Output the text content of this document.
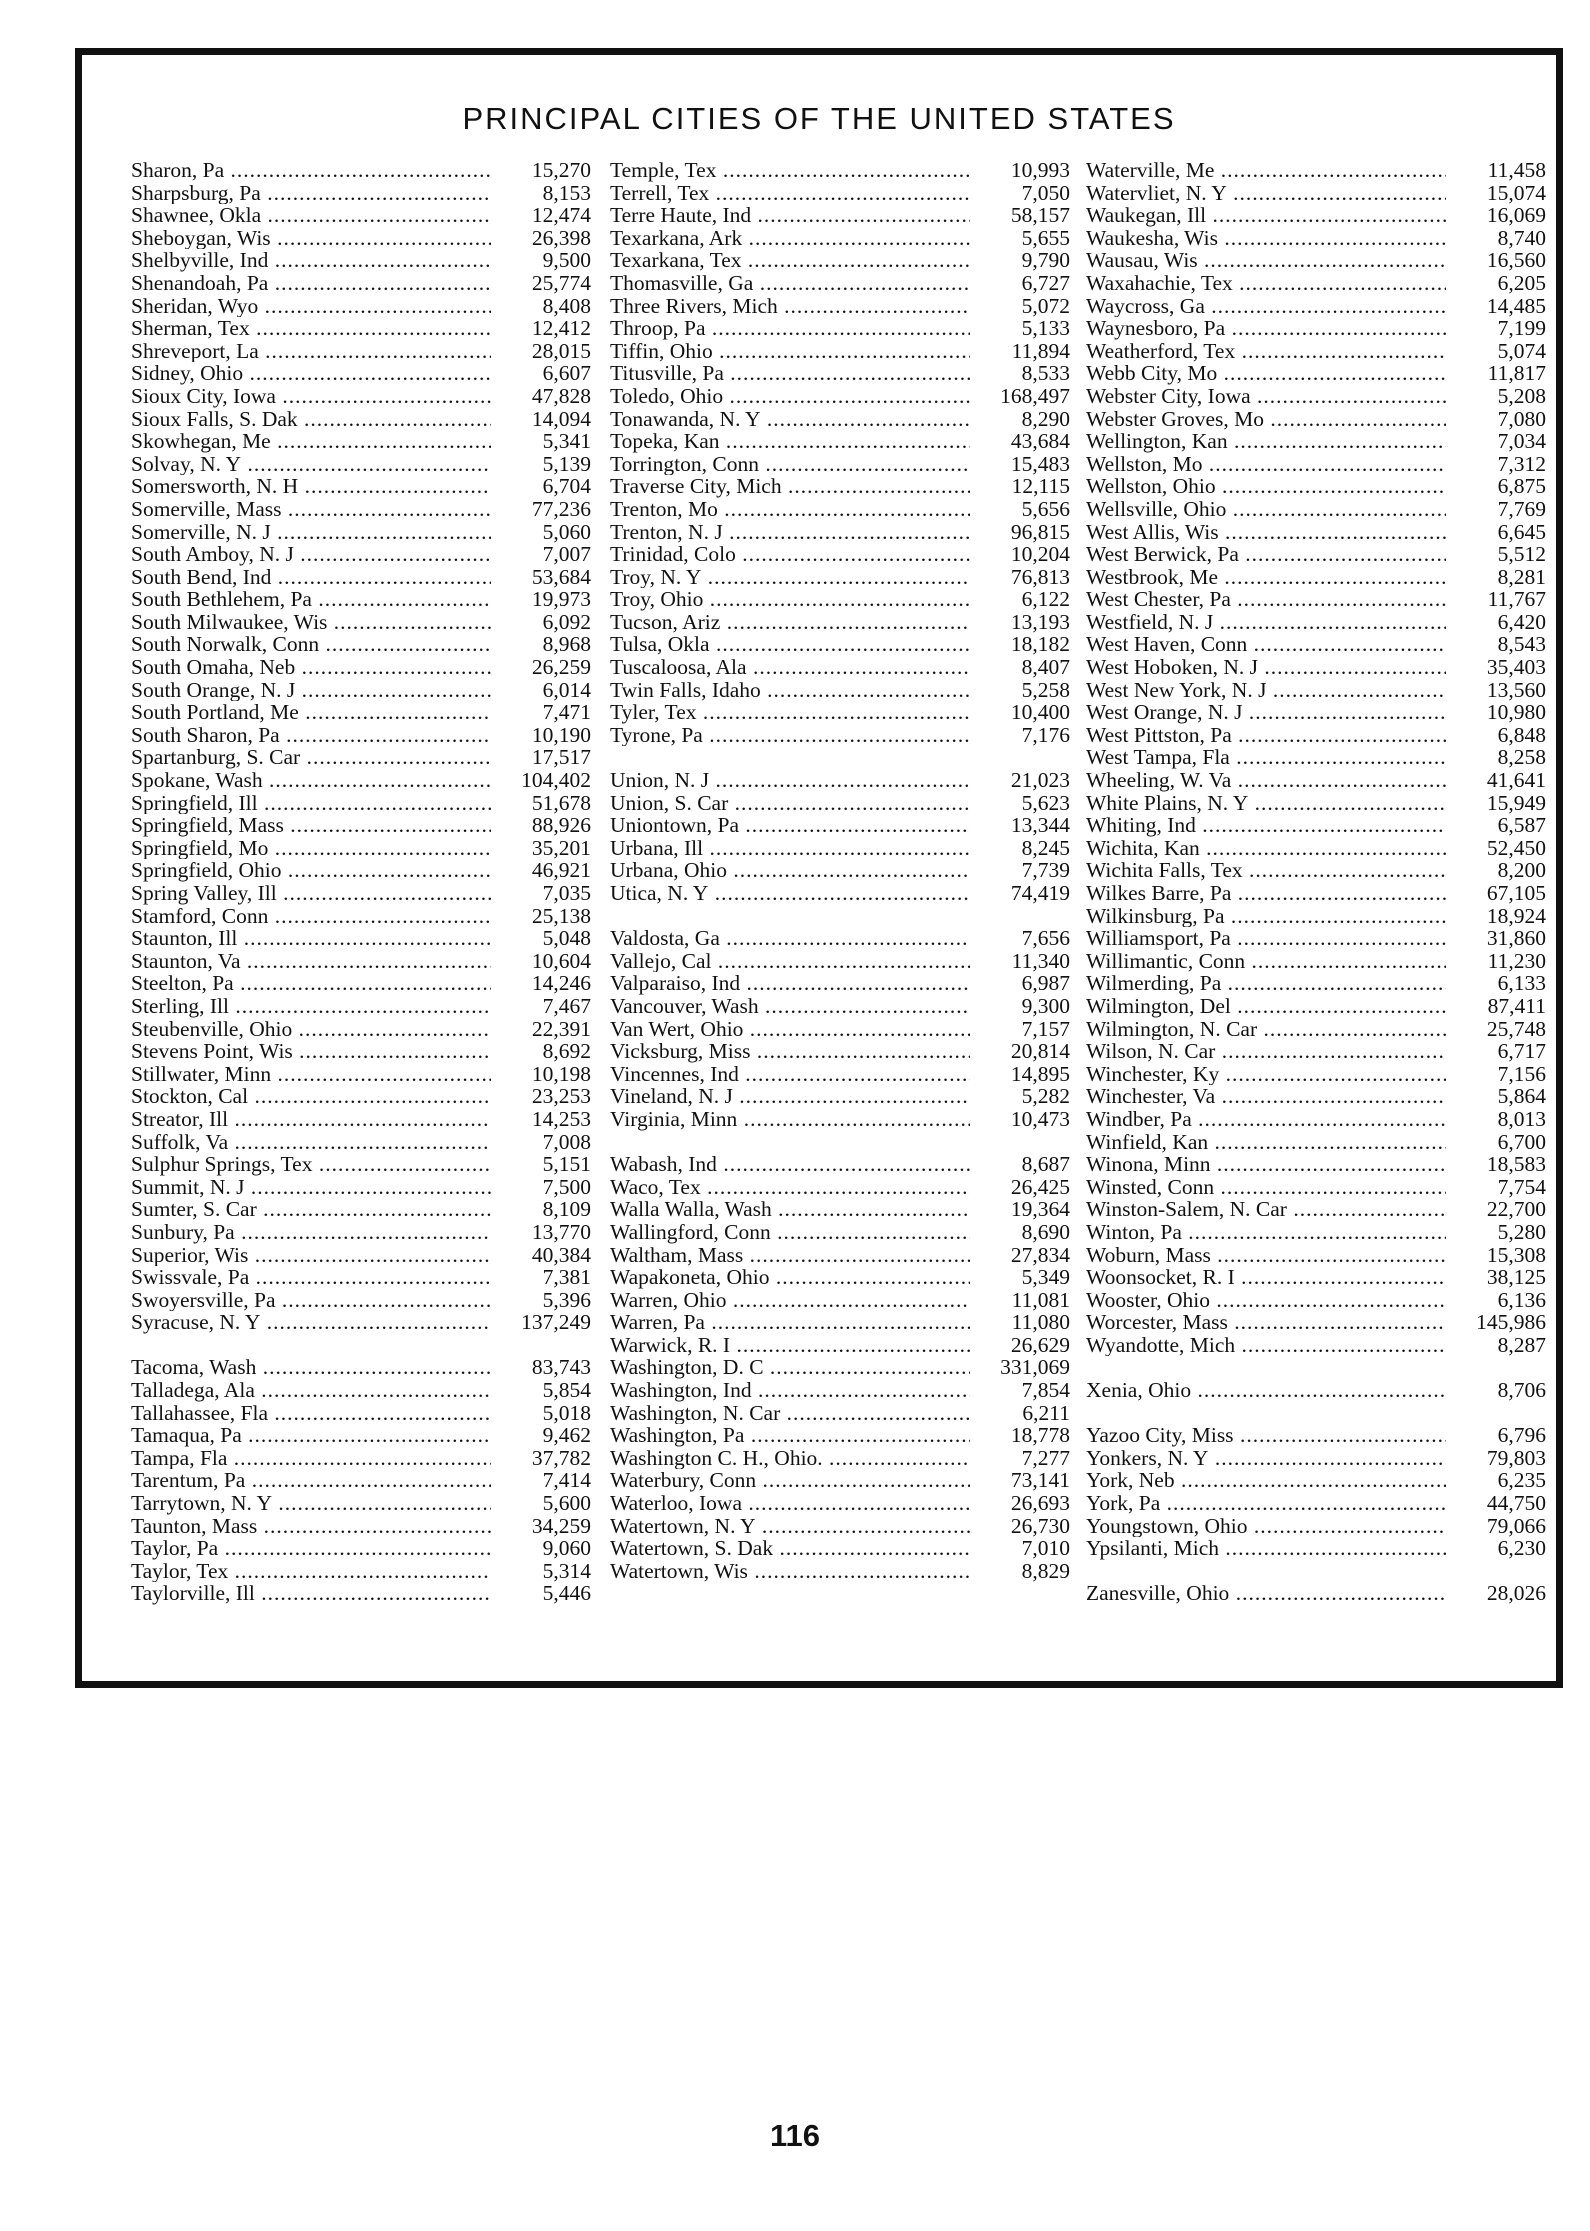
PRINCIPAL CITIES OF THE UNITED STATES
Sharon, Pa .....	15,270
Sharpsburg, Pa .....	8,153
Shawnee, Okla .....	12,474
Sheboygan, Wis .....	26,398
Shelbyville, Ind .....	9,500
Shenandoah, Pa .....	25,774
Sheridan, Wyo .....	8,408
Sherman, Tex .....	12,412
Shreveport, La .....	28,015
Sidney, Ohio .....	6,607
Sioux City, Iowa .....	47,828
Sioux Falls, S. Dak .....	14,094
Skowhegan, Me .....	5,341
Solvay, N. Y .....	5,139
Somersworth, N. H .....	6,704
Somerville, Mass .....	77,236
Somerville, N. J .....	5,060
South Amboy, N. J .....	7,007
South Bend, Ind .....	53,684
South Bethlehem, Pa .....	19,973
South Milwaukee, Wis .....	6,092
South Norwalk, Conn .....	8,968
South Omaha, Neb .....	26,259
South Orange, N. J .....	6,014
South Portland, Me .....	7,471
South Sharon, Pa .....	10,190
Spartanburg, S. Car .....	17,517
Spokane, Wash .....	104,402
Springfield, Ill .....	51,678
Springfield, Mass .....	88,926
Springfield, Mo .....	35,201
Springfield, Ohio .....	46,921
Spring Valley, Ill .....	7,035
Stamford, Conn .....	25,138
Staunton, Ill .....	5,048
Staunton, Va .....	10,604
Steelton, Pa .....	14,246
Sterling, Ill .....	7,467
Steubenville, Ohio .....	22,391
Stevens Point, Wis .....	8,692
Stillwater, Minn .....	10,198
Stockton, Cal .....	23,253
Streator, Ill .....	14,253
Suffolk, Va .....	7,008
Sulphur Springs, Tex .....	5,151
Summit, N. J .....	7,500
Sumter, S. Car .....	8,109
Sunbury, Pa .....	13,770
Superior, Wis .....	40,384
Swissvale, Pa .....	7,381
Swoyersville, Pa .....	5,396
Syracuse, N. Y .....	137,249
Tacoma, Wash .....	83,743
Talladega, Ala .....	5,854
Tallahassee, Fla .....	5,018
Tamaqua, Pa .....	9,462
Tampa, Fla .....	37,782
Tarentum, Pa .....	7,414
Tarrytown, N. Y .....	5,600
Taunton, Mass .....	34,259
Taylor, Pa .....	9,060
Taylor, Tex .....	5,314
Taylorville, Ill .....	5,446
Temple, Tex .....	10,993
Terrell, Tex .....	7,050
Terre Haute, Ind .....	58,157
Texarkana, Ark .....	5,655
Texarkana, Tex .....	9,790
Thomasville, Ga .....	6,727
Three Rivers, Mich .....	5,072
Throop, Pa .....	5,133
Tiffin, Ohio .....	11,894
Titusville, Pa .....	8,533
Toledo, Ohio .....	168,497
Tonawanda, N. Y .....	8,290
Topeka, Kan .....	43,684
Torrington, Conn .....	15,483
Traverse City, Mich .....	12,115
Trenton, Mo .....	5,656
Trenton, N. J .....	96,815
Trinidad, Colo .....	10,204
Troy, N. Y .....	76,813
Troy, Ohio .....	6,122
Tucson, Ariz .....	13,193
Tulsa, Okla .....	18,182
Tuscaloosa, Ala .....	8,407
Twin Falls, Idaho .....	5,258
Tyler, Tex .....	10,400
Tyrone, Pa .....	7,176
Union, N. J .....	21,023
Union, S. Car .....	5,623
Uniontown, Pa .....	13,344
Urbana, Ill .....	8,245
Urbana, Ohio .....	7,739
Utica, N. Y .....	74,419
Valdosta, Ga .....	7,656
Vallejo, Cal .....	11,340
Valparaiso, Ind .....	6,987
Vancouver, Wash .....	9,300
Van Wert, Ohio .....	7,157
Vicksburg, Miss .....	20,814
Vincennes, Ind .....	14,895
Vineland, N. J .....	5,282
Virginia, Minn .....	10,473
Wabash, Ind .....	8,687
Waco, Tex .....	26,425
Walla Walla, Wash .....	19,364
Wallingford, Conn .....	8,690
Waltham, Mass .....	27,834
Wapakoneta, Ohio .....	5,349
Warren, Ohio .....	11,081
Warren, Pa .....	11,080
Warwick, R. I .....	26,629
Washington, D. C .....	331,069
Washington, Ind .....	7,854
Washington, N. Car .....	6,211
Washington, Pa .....	18,778
Washington C. H., Ohio. .....	7,277
Waterbury, Conn .....	73,141
Waterloo, Iowa .....	26,693
Watertown, N. Y .....	26,730
Watertown, S. Dak .....	7,010
Watertown, Wis .....	8,829
Waterville, Me .....	11,458
Watervliet, N. Y .....	15,074
Waukegan, Ill .....	16,069
Waukesha, Wis .....	8,740
Wausau, Wis .....	16,560
Waxahachie, Tex .....	6,205
Waycross, Ga .....	14,485
Waynesboro, Pa .....	7,199
Weatherford, Tex .....	5,074
Webb City, Mo .....	11,817
Webster City, Iowa .....	5,208
Webster Groves, Mo .....	7,080
Wellington, Kan .....	7,034
Wellston, Mo .....	7,312
Wellston, Ohio .....	6,875
Wellsville, Ohio .....	7,769
West Allis, Wis .....	6,645
West Berwick, Pa .....	5,512
Westbrook, Me .....	8,281
West Chester, Pa .....	11,767
Westfield, N. J .....	6,420
West Haven, Conn .....	8,543
West Hoboken, N. J .....	35,403
West New York, N. J .....	13,560
West Orange, N. J .....	10,980
West Pittston, Pa .....	6,848
West Tampa, Fla .....	8,258
Wheeling, W. Va .....	41,641
White Plains, N. Y .....	15,949
Whiting, Ind .....	6,587
Wichita, Kan .....	52,450
Wichita Falls, Tex .....	8,200
Wilkes Barre, Pa .....	67,105
Wilkinsburg, Pa .....	18,924
Williamsport, Pa .....	31,860
Willimantic, Conn .....	11,230
Wilmerding, Pa .....	6,133
Wilmington, Del .....	87,411
Wilmington, N. Car .....	25,748
Wilson, N. Car .....	6,717
Winchester, Ky .....	7,156
Winchester, Va .....	5,864
Windber, Pa .....	8,013
Winfield, Kan .....	6,700
Winona, Minn .....	18,583
Winsted, Conn .....	7,754
Winston-Salem, N. Car .....	22,700
Winton, Pa .....	5,280
Woburn, Mass .....	15,308
Woonsocket, R. I .....	38,125
Wooster, Ohio .....	6,136
Worcester, Mass .....	145,986
Wyandotte, Mich .....	8,287
Xenia, Ohio .....	8,706
Yazoo City, Miss .....	6,796
Yonkers, N. Y .....	79,803
York, Neb .....	6,235
York, Pa .....	44,750
Youngstown, Ohio .....	79,066
Ypsilanti, Mich .....	6,230
Zanesville, Ohio .....	28,026
116
